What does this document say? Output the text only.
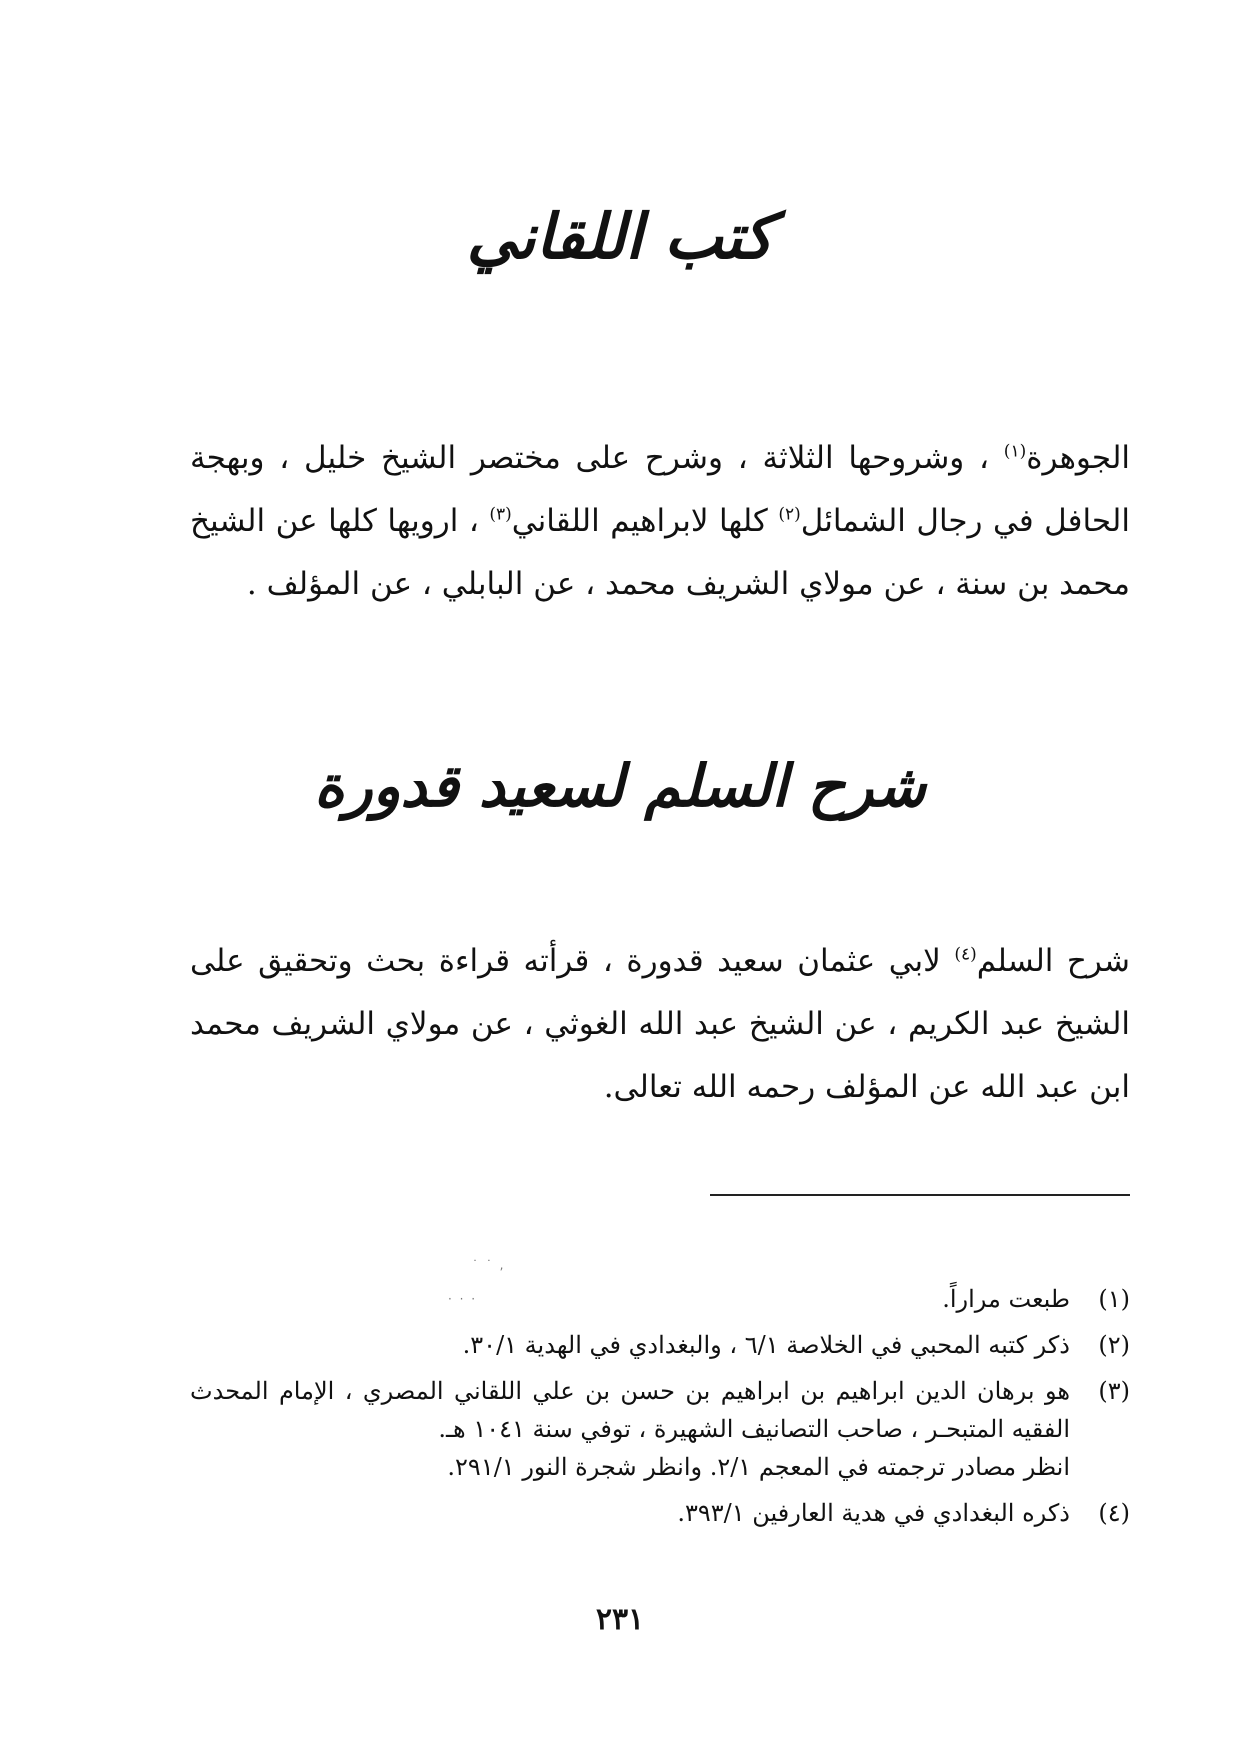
كتب اللقاني

الجوهرة$^{(١)}$ ، وشروحها الثلاثة ، وشرح على مختصر الشيخ خليل ، وبهجة الحافل في رجال الشمائل$^{(٢)}$ كلها لابراهيم اللقاني$^{(٣)}$ ، ارويها كلها عن الشيخ محمد بن سنة ، عن مولاي الشريف محمد ، عن البابلي ، عن المؤلف .

شرح السلم لسعيد قدورة

شرح السلم$^{(٤)}$ لابي عثمان سعيد قدورة ، قرأته قراءة بحث وتحقيق على الشيخ عبد الكريم ، عن الشيخ عبد الله الغوثي ، عن مولاي الشريف محمد ابن عبد الله عن المؤلف رحمه الله تعالى.

˙ ˙ ,
· · ·	(١)
طبعت مراراً.
(٢)
ذكر كتبه المحبي في الخلاصة ٦/١ ، والبغدادي في الهدية ٣٠/١.
(٣)
هو برهان الدين ابراهيم بن ابراهيم بن حسن بن علي اللقاني المصري ، الإمام المحدث الفقيه المتبحـر ، صاحب التصانيف الشهيرة ، توفي سنة ١٠٤١ هـ.
انظر مصادر ترجمته في المعجم ٢/١. وانظر شجرة النور ٢٩١/١.
(٤)
ذكره البغدادي في هدية العارفين ٣٩٣/١.
٢٣١
